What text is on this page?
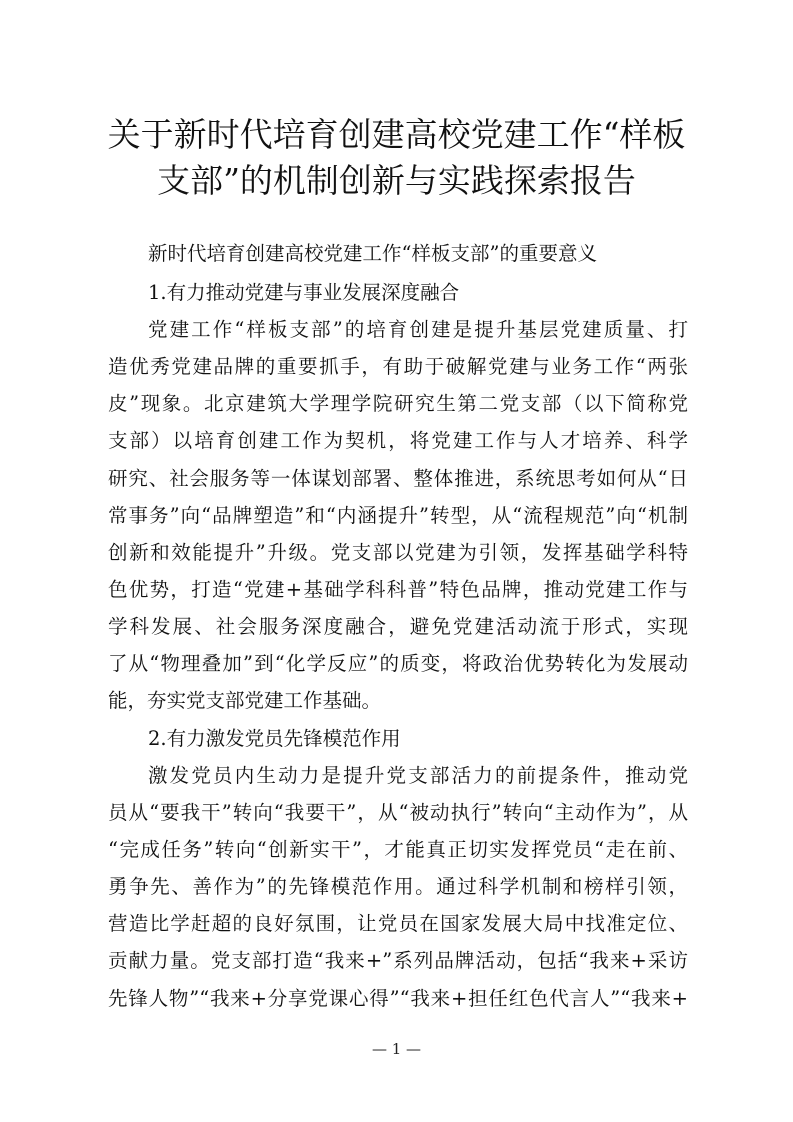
关于新时代培育创建高校党建工作“样板
支部”的机制创新与实践探索报告
新时代培育创建高校党建工作“样板支部”的重要意义
1.有力推动党建与事业发展深度融合
党建工作“样板支部”的培育创建是提升基层党建质量、打
造优秀党建品牌的重要抓手，有助于破解党建与业务工作“两张
皮”现象。北京建筑大学理学院研究生第二党支部（以下简称党
支部）以培育创建工作为契机，将党建工作与人才培养、科学
研究、社会服务等一体谋划部署、整体推进，系统思考如何从“日
常事务”向“品牌塑造”和“内涵提升”转型，从“流程规范”向“机制
创新和效能提升”升级。党支部以党建为引领，发挥基础学科特
色优势，打造“党建+基础学科科普”特色品牌，推动党建工作与
学科发展、社会服务深度融合，避免党建活动流于形式，实现
了从“物理叠加”到“化学反应”的质变，将政治优势转化为发展动
能，夯实党支部党建工作基础。
2.有力激发党员先锋模范作用
激发党员内生动力是提升党支部活力的前提条件，推动党
员从“要我干”转向“我要干”，从“被动执行”转向“主动作为”，从
“完成任务”转向“创新实干”，才能真正切实发挥党员“走在前、
勇争先、善作为”的先锋模范作用。通过科学机制和榜样引领，
营造比学赶超的良好氛围，让党员在国家发展大局中找准定位、
贡献力量。党支部打造“我来+”系列品牌活动，包括“我来+采访
先锋人物”“我来+分享党课心得”“我来+担任红色代言人”“我来+
— 1 —
